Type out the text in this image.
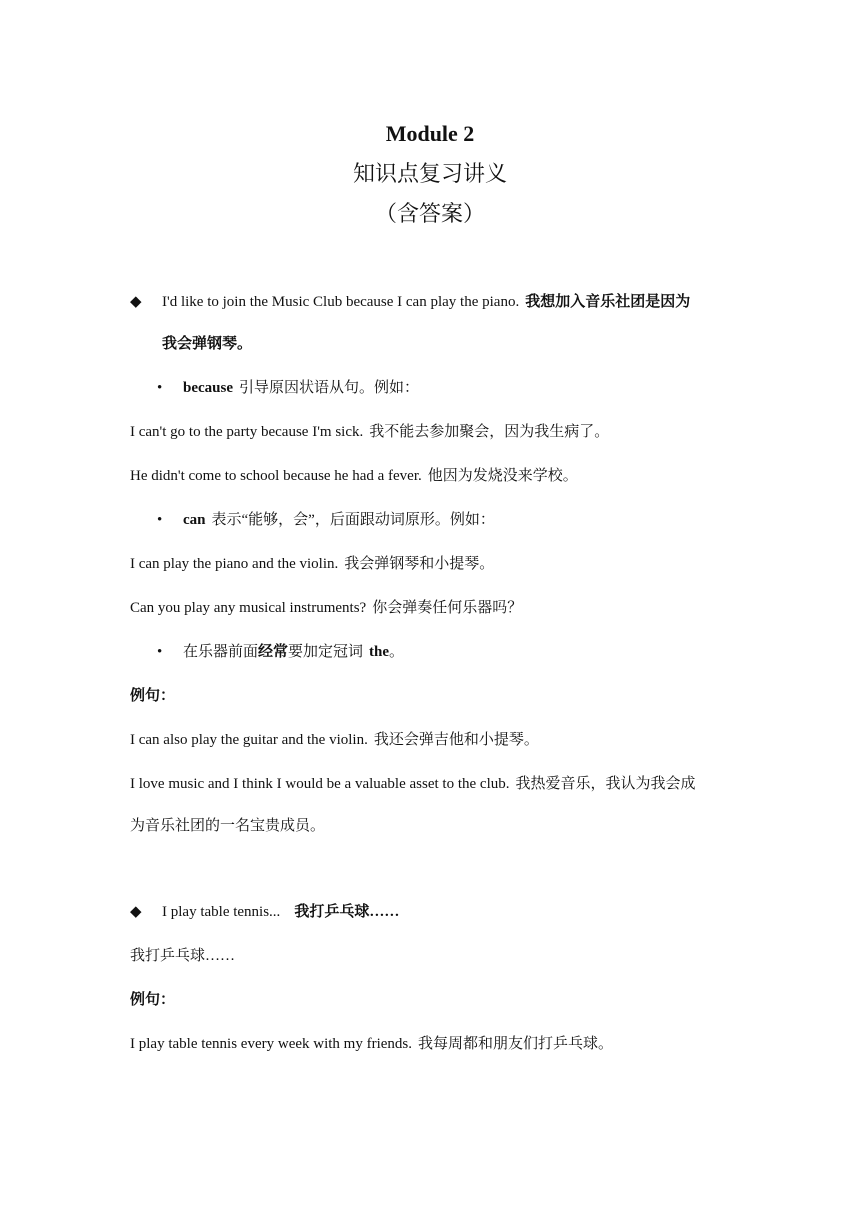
Module 2
知识点复习讲义
（含答案）
◆ I'd like to join the Music Club because I can play the piano. 我想加入音乐社团是因为
我会弹钢琴。
• because 引导原因状语从句。例如：
I can't go to the party because I'm sick. 我不能去参加聚会，因为我生病了。
He didn't come to school because he had a fever. 他因为发烧没来学校。
• can 表示“能够，会”，后面跟动词原形。例如：
I can play the piano and the violin. 我会弹钢琴和小提琴。
Can you play any musical instruments? 你会弹奏任何乐器吗？
• 在乐器前面经常要加定冠词 the。
例句：
I can also play the guitar and the violin. 我还会弹吉他和小提琴。
I love music and I think I would be a valuable asset to the club. 我热爱音乐，我认为我会成
为音乐社团的一名宝贵成员。
◆ I play table tennis... 我打乒乓球……
我打乒乓球……
例句：
I play table tennis every week with my friends. 我每周都和朋友们打乒乓球。
